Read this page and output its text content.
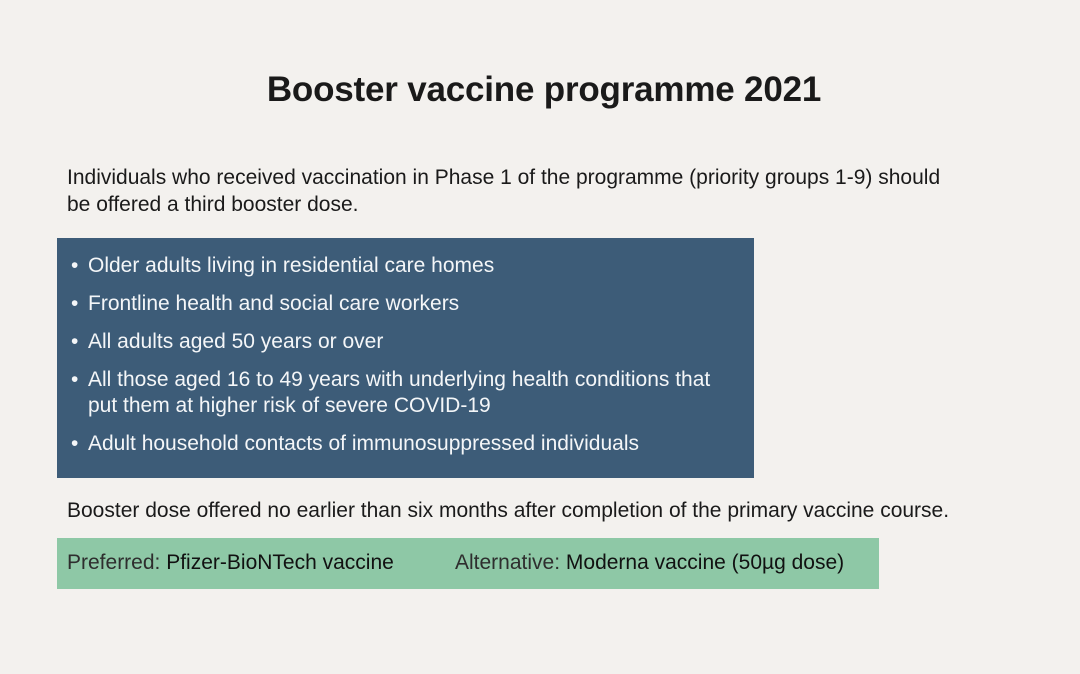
Booster vaccine programme 2021
Individuals who received vaccination in Phase 1 of the programme (priority groups 1-9) should be offered a third booster dose.
• Older adults living in residential care homes
• Frontline health and social care workers
• All adults aged 50 years or over
• All those aged 16 to 49 years with underlying health conditions that put them at higher risk of severe COVID-19
• Adult household contacts of immunosuppressed individuals
Booster dose offered no earlier than six months after completion of the primary vaccine course.
Preferred: Pfizer-BioNTech vaccine	Alternative: Moderna vaccine (50µg dose)
